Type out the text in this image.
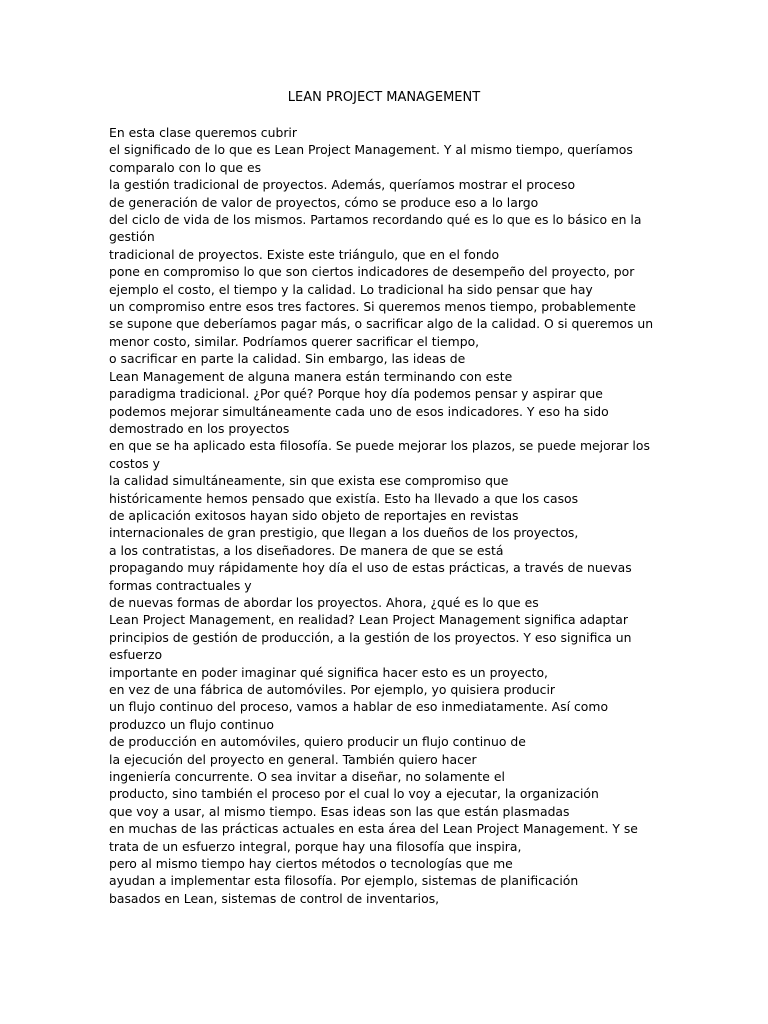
LEAN PROJECT MANAGEMENT
En esta clase queremos cubrir
el significado de lo que es Lean Project Management. Y al mismo tiempo, queríamos comparalo con lo que es
la gestión tradicional de proyectos. Además, queríamos mostrar el proceso
de generación de valor de proyectos, cómo se produce eso a lo largo
del ciclo de vida de los mismos. Partamos recordando qué es lo que es lo básico en la gestión
tradicional de proyectos. Existe este triángulo, que en el fondo
pone en compromiso lo que son ciertos indicadores de desempeño del proyecto, por
ejemplo el costo, el tiempo y la calidad. Lo tradicional ha sido pensar que hay
un compromiso entre esos tres factores. Si queremos menos tiempo, probablemente
se supone que deberíamos pagar más, o sacrificar algo de la calidad. O si queremos un
menor costo, similar. Podríamos querer sacrificar el tiempo,
o sacrificar en parte la calidad. Sin embargo, las ideas de
Lean Management de alguna manera están terminando con este
paradigma tradicional. ¿Por qué? Porque hoy día podemos pensar y aspirar que
podemos mejorar simultáneamente cada uno de esos indicadores. Y eso ha sido
demostrado en los proyectos
en que se ha aplicado esta filosofía. Se puede mejorar los plazos, se puede mejorar los costos y
la calidad simultáneamente, sin que exista ese compromiso que
históricamente hemos pensado que existía. Esto ha llevado a que los casos
de aplicación exitosos hayan sido objeto de reportajes en revistas
internacionales de gran prestigio, que llegan a los dueños de los proyectos,
a los contratistas, a los diseñadores. De manera de que se está
propagando muy rápidamente hoy día el uso de estas prácticas, a través de nuevas formas contractuales y
de nuevas formas de abordar los proyectos. Ahora, ¿qué es lo que es
Lean Project Management, en realidad? Lean Project Management significa adaptar
principios de gestión de producción, a la gestión de los proyectos. Y eso significa un esfuerzo
importante en poder imaginar qué significa hacer esto es un proyecto,
en vez de una fábrica de automóviles. Por ejemplo, yo quisiera producir
un flujo continuo del proceso, vamos a hablar de eso inmediatamente. Así como produzco un flujo continuo
de producción en automóviles, quiero producir un flujo continuo de
la ejecución del proyecto en general. También quiero hacer
ingeniería concurrente. O sea invitar a diseñar, no solamente el
producto, sino también el proceso por el cual lo voy a ejecutar, la organización
que voy a usar, al mismo tiempo. Esas ideas son las que están plasmadas
en muchas de las prácticas actuales en esta área del Lean Project Management. Y se
trata de un esfuerzo integral, porque hay una filosofía que inspira,
pero al mismo tiempo hay ciertos métodos o tecnologías que me
ayudan a implementar esta filosofía. Por ejemplo, sistemas de planificación
basados en Lean, sistemas de control de inventarios,
